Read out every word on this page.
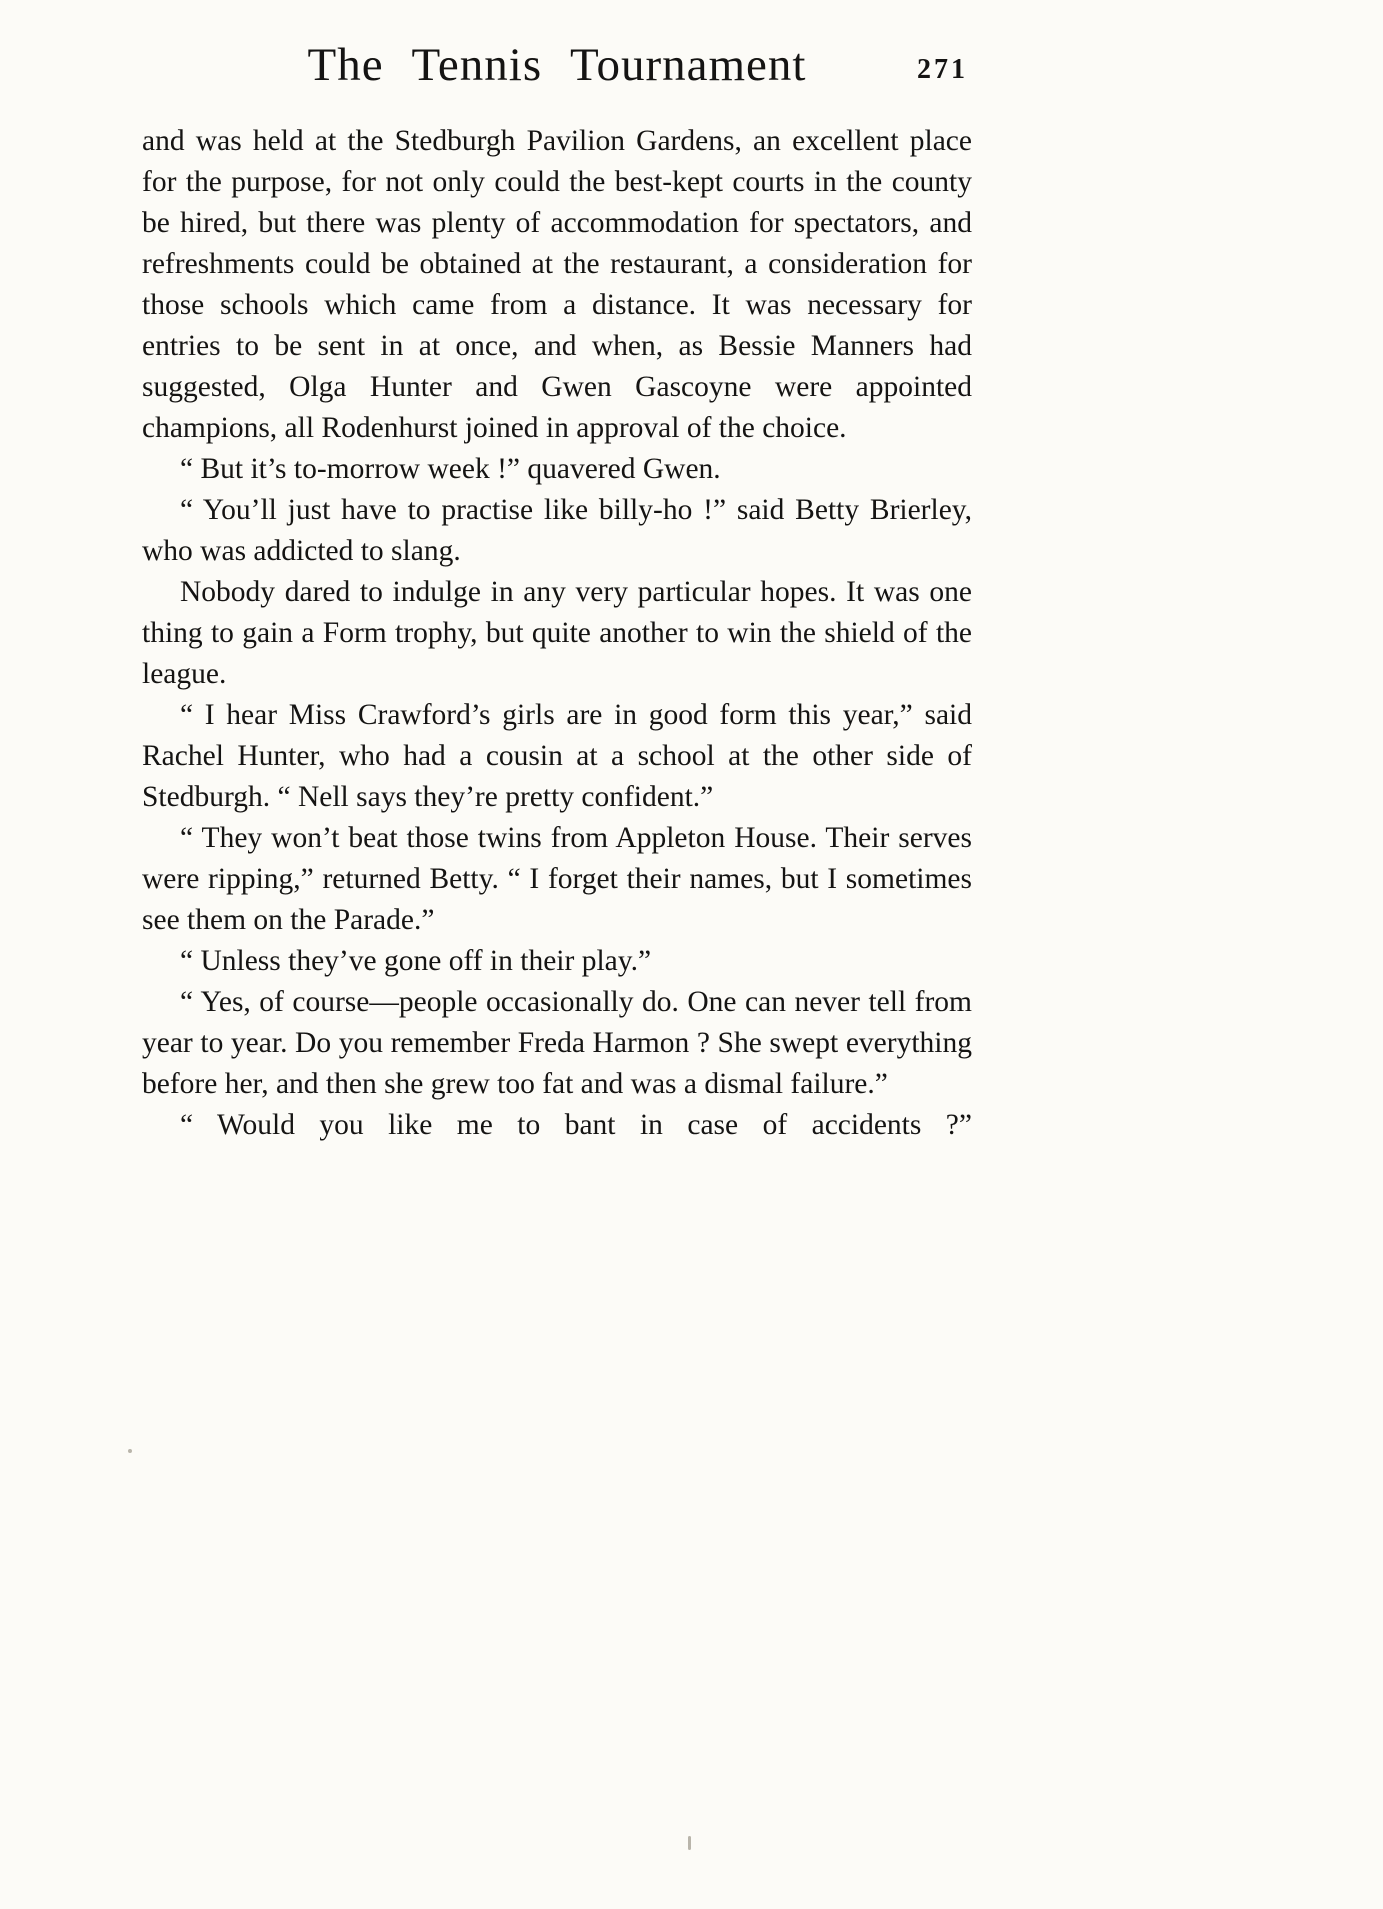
The Tennis Tournament	271

and was held at the Stedburgh Pavilion Gardens, an excellent place for the purpose, for not only could the best-kept courts in the county be hired, but there was plenty of accommodation for spectators, and refreshments could be obtained at the restaurant, a consideration for those schools which came from a distance. It was necessary for entries to be sent in at once, and when, as Bessie Manners had suggested, Olga Hunter and Gwen Gascoyne were appointed champions, all Rodenhurst joined in approval of the choice.

“ But it’s to-morrow week !” quavered Gwen.

“ You’ll just have to practise like billy-ho !” said Betty Brierley, who was addicted to slang.

Nobody dared to indulge in any very particular hopes. It was one thing to gain a Form trophy, but quite another to win the shield of the league.

“ I hear Miss Crawford’s girls are in good form this year,” said Rachel Hunter, who had a cousin at a school at the other side of Stedburgh. “ Nell says they’re pretty confident.”

“ They won’t beat those twins from Appleton House. Their serves were ripping,” returned Betty. “ I forget their names, but I sometimes see them on the Parade.”

“ Unless they’ve gone off in their play.”

“ Yes, of course—people occasionally do. One can never tell from year to year. Do you remember Freda Harmon ? She swept everything before her, and then she grew too fat and was a dismal failure.”

“ Would you like me to bant in case of accidents ?”
